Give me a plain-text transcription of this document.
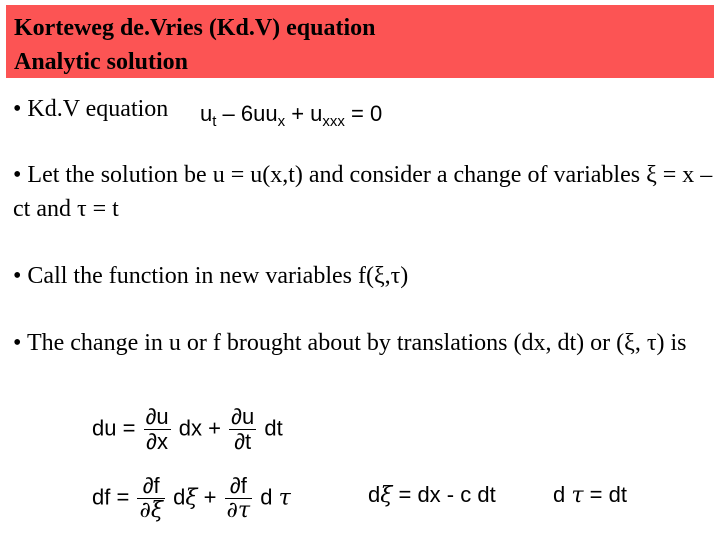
Korteweg de.Vries (Kd.V) equation
Analytic solution
• Kd.V equation	$u_t - 6uu_x + u_{xxx} = 0$
• Let the solution be u = u(x,t) and consider a change of variables ξ = x – ct and τ = t
• Call the function in new variables f(ξ,τ)
• The change in u or f brought about by translations (dx, dt) or (ξ, τ) is
du = $\frac{\partial u}{\partial x}$ dx + $\frac{\partial u}{\partial t}$ dt
df = $\frac{\partial f}{\partial\xi}$ $d\xi + \frac{\partial f}{\partial\tau}$ d τ	dξ = dx - c dt	d τ = dt
